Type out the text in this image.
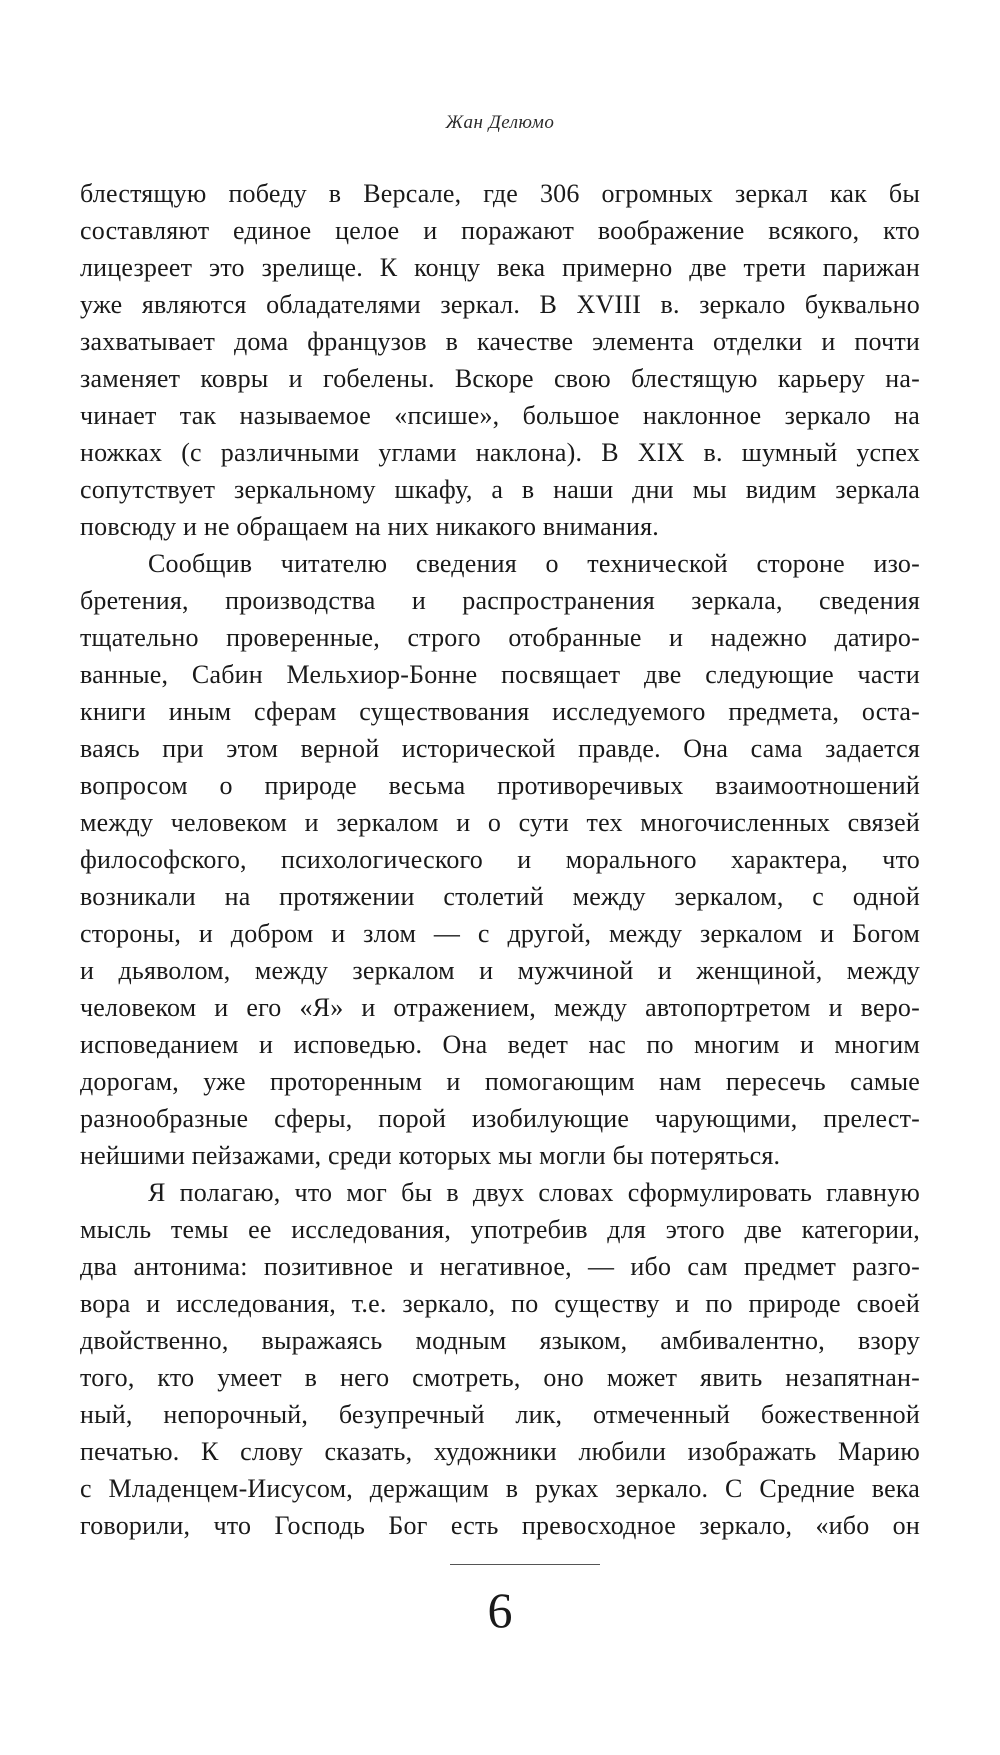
Жан Делюмо
блестящую победу в Версале, где 306 огромных зеркал как бы
составляют единое целое и поражают воображение всякого, кто
лицезреет это зрелище. К концу века примерно две трети парижан
уже являются обладателями зеркал. В XVIII в. зеркало буквально
захватывает дома французов в качестве элемента отделки и почти
заменяет ковры и гобелены. Вскоре свою блестящую карьеру на-
чинает так называемое «псише», большое наклонное зеркало на
ножках (с различными углами наклона). В XIX в. шумный успех
сопутствует зеркальному шкафу, а в наши дни мы видим зеркала
повсюду и не обращаем на них никакого внимания.
Сообщив читателю сведения о технической стороне изо-
бретения, производства и распространения зеркала, сведения
тщательно проверенные, строго отобранные и надежно датиро-
ванные, Сабин Мельхиор-Бонне посвящает две следующие части
книги иным сферам существования исследуемого предмета, оста-
ваясь при этом верной исторической правде. Она сама задается
вопросом о природе весьма противоречивых взаимоотношений
между человеком и зеркалом и о сути тех многочисленных связей
философского, психологического и морального характера, что
возникали на протяжении столетий между зеркалом, с одной
стороны, и добром и злом — с другой, между зеркалом и Богом
и дьяволом, между зеркалом и мужчиной и женщиной, между
человеком и его «Я» и отражением, между автопортретом и веро-
исповеданием и исповедью. Она ведет нас по многим и многим
дорогам, уже проторенным и помогающим нам пересечь самые
разнообразные сферы, порой изобилующие чарующими, прелест-
нейшими пейзажами, среди которых мы могли бы потеряться.
Я полагаю, что мог бы в двух словах сформулировать главную
мысль темы ее исследования, употребив для этого две категории,
два антонима: позитивное и негативное, — ибо сам предмет разго-
вора и исследования, т.е. зеркало, по существу и по природе своей
двойственно, выражаясь модным языком, амбивалентно, взору
того, кто умеет в него смотреть, оно может явить незапятнан-
ный, непорочный, безупречный лик, отмеченный божественной
печатью. К слову сказать, художники любили изображать Марию
с Младенцем-Иисусом, держащим в руках зеркало. С Средние века
говорили, что Господь Бог есть превосходное зеркало, «ибо он
6
